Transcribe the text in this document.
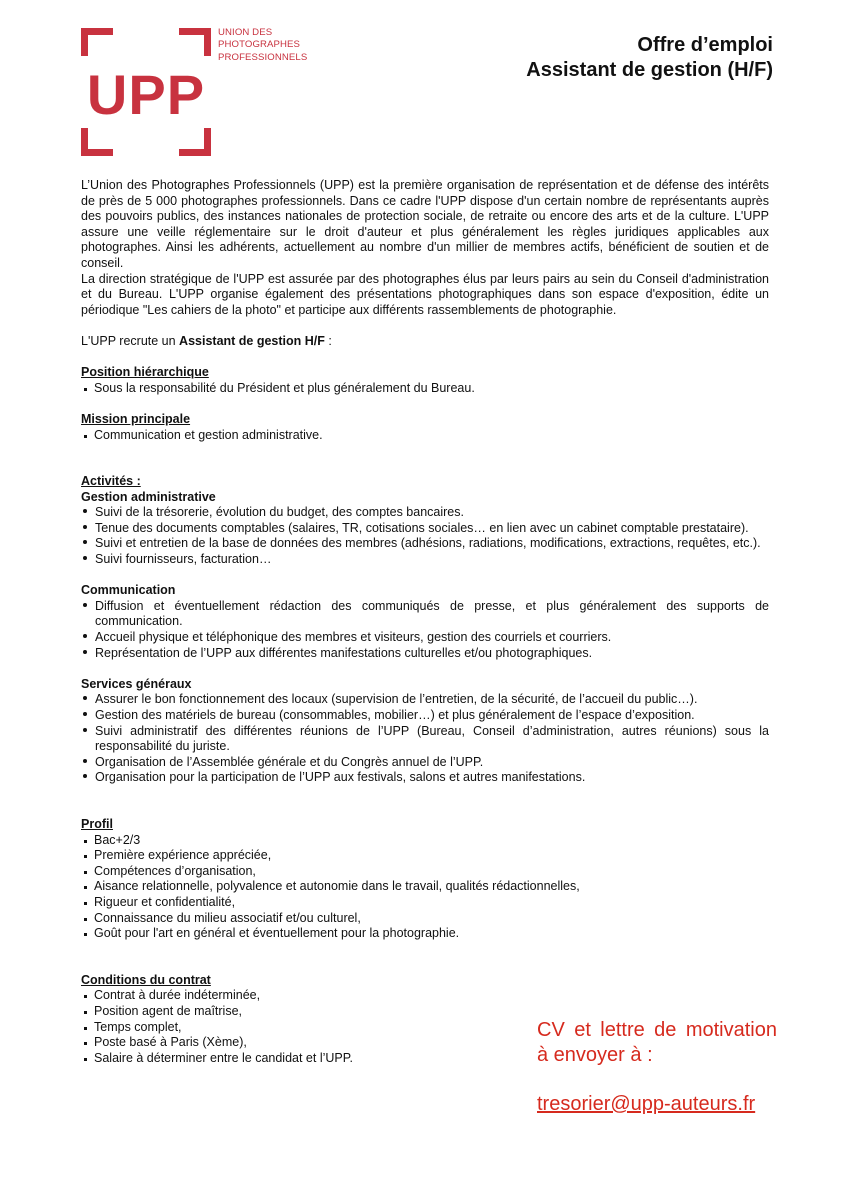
UPP
UNION DES
PHOTOGRAPHES
PROFESSIONNELS
Offre d’emploi
Assistant de gestion (H/F)

L’Union des Photographes Professionnels (UPP) est la première organisation de représentation et de défense des intérêts de près de 5 000 photographes professionnels. Dans ce cadre l'UPP dispose d'un certain nombre de représentants auprès des pouvoirs publics, des instances nationales de protection sociale, de retraite ou encore des arts et de la culture. L'UPP assure une veille réglementaire sur le droit d'auteur et plus généralement les règles juridiques applicables aux photographes. Ainsi les adhérents, actuellement au nombre d'un millier de membres actifs, bénéficient de soutien et de conseil.

La direction stratégique de l'UPP est assurée par des photographes élus par leurs pairs au sein du Conseil d'administration et du Bureau. L'UPP organise également des présentations photographiques dans son espace d'exposition, édite un périodique "Les cahiers de la photo" et participe aux différents rassemblements de photographie.

L'UPP recrute un Assistant de gestion H/F :
Position hiérarchique
Sous la responsabilité du Président et plus généralement du Bureau.
Mission principale
Communication et gestion administrative.
Activités :
Gestion administrative
Suivi de la trésorerie, évolution du budget, des comptes bancaires.
Tenue des documents comptables (salaires, TR, cotisations sociales… en lien avec un cabinet comptable prestataire).
Suivi et entretien de la base de données des membres (adhésions, radiations, modifications, extractions, requêtes, etc.).
Suivi fournisseurs, facturation…
Communication
Diffusion et éventuellement rédaction des communiqués de presse, et plus généralement des supports de communication.
Accueil physique et téléphonique des membres et visiteurs, gestion des courriels et courriers.
Représentation de l’UPP aux différentes manifestations culturelles et/ou photographiques.
Services généraux
Assurer le bon fonctionnement des locaux (supervision de l’entretien, de la sécurité, de l’accueil du public…).
Gestion des matériels de bureau (consommables, mobilier…) et plus généralement de l’espace d’exposition.
Suivi administratif des différentes réunions de l’UPP (Bureau, Conseil d’administration, autres réunions) sous la responsabilité du juriste.
Organisation de l’Assemblée générale et du Congrès annuel de l’UPP.
Organisation pour la participation de l’UPP aux festivals, salons et autres manifestations.
Profil
Bac+2/3
Première expérience appréciée,
Compétences d’organisation,
Aisance relationnelle, polyvalence et autonomie dans le travail, qualités rédactionnelles,
Rigueur et confidentialité,
Connaissance du milieu associatif et/ou culturel,
Goût pour l'art en général et éventuellement pour la photographie.
Conditions du contrat
Contrat à durée indéterminée,
Position agent de maîtrise,
Temps complet,
Poste basé à Paris (Xème),
Salaire à déterminer entre le candidat et l’UPP.
CV et lettre de motivation
à envoyer à :
tresorier@upp-auteurs.fr
